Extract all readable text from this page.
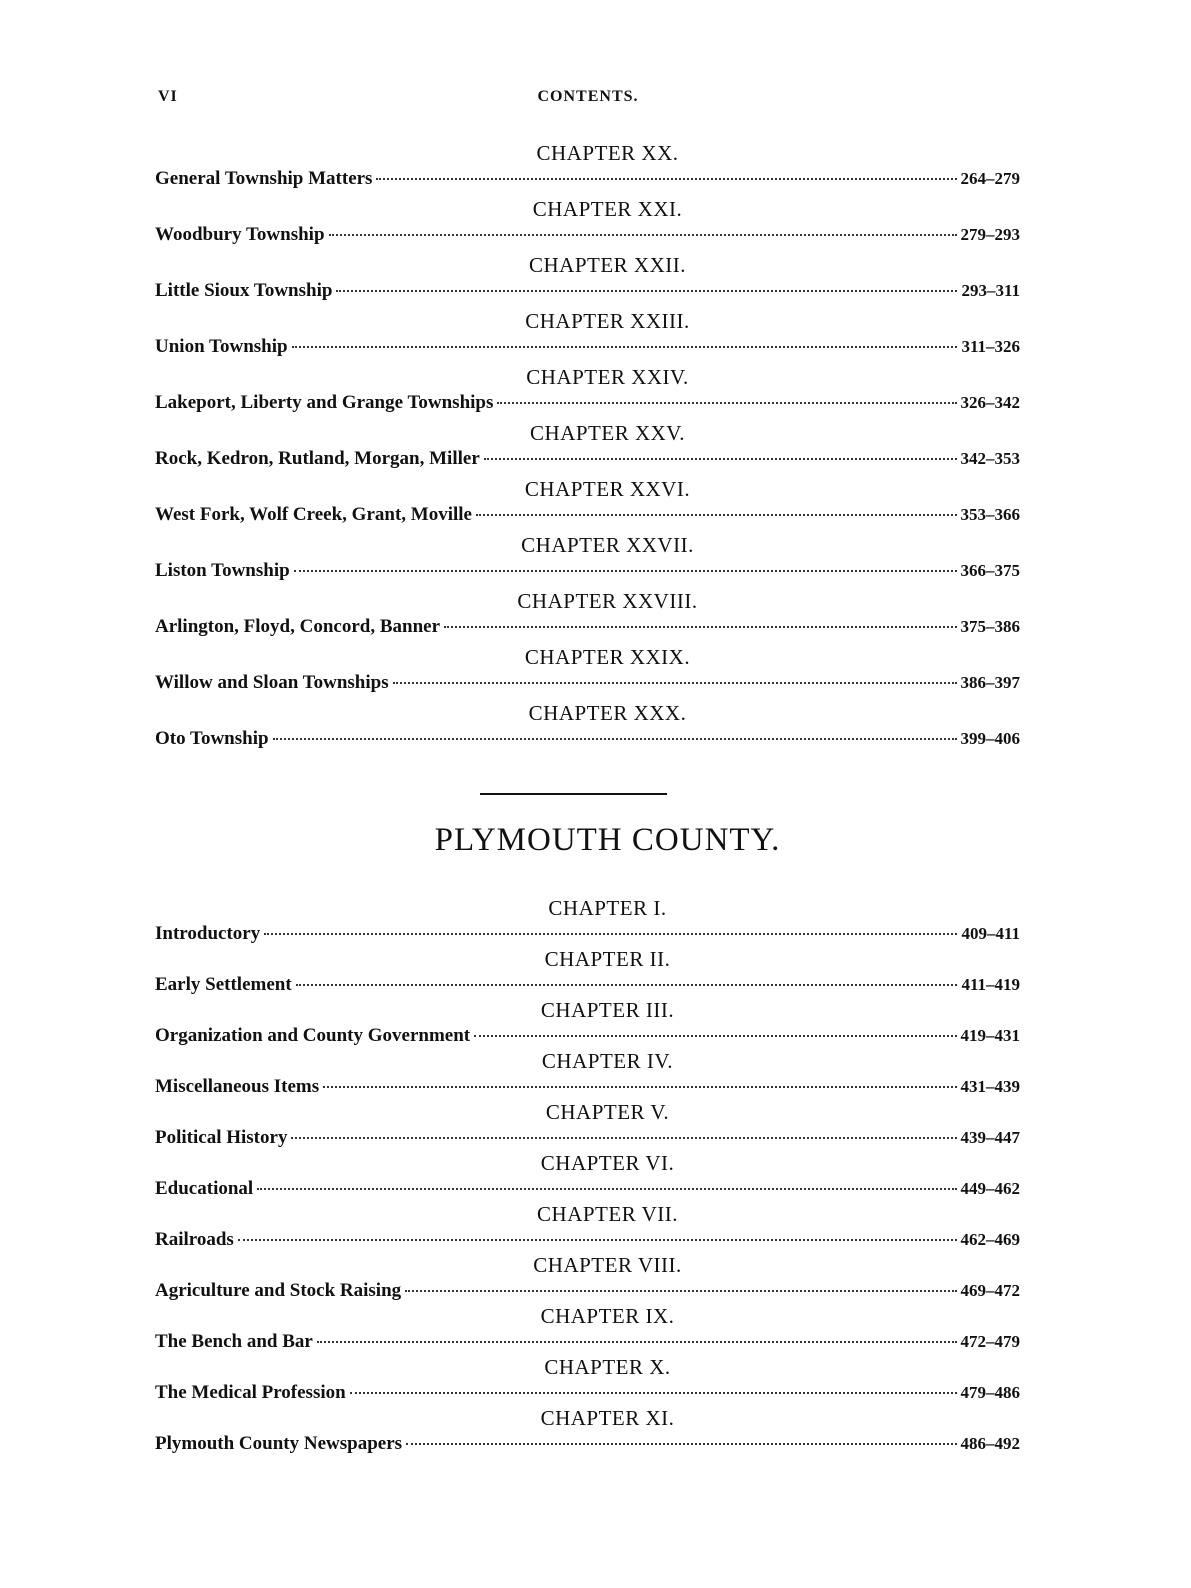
VI	CONTENTS.
CHAPTER XX.
General Township Matters	264–279
CHAPTER XXI.
Woodbury Township	279–293
CHAPTER XXII.
Little Sioux Township	293–311
CHAPTER XXIII.
Union Township	311–326
CHAPTER XXIV.
Lakeport, Liberty and Grange Townships	326–342
CHAPTER XXV.
Rock, Kedron, Rutland, Morgan, Miller	342–353
CHAPTER XXVI.
West Fork, Wolf Creek, Grant, Moville	353–366
CHAPTER XXVII.
Liston Township	366–375
CHAPTER XXVIII.
Arlington, Floyd, Concord, Banner	375–386
CHAPTER XXIX.
Willow and Sloan Townships	386–397
CHAPTER XXX.
Oto Township	399–406
PLYMOUTH COUNTY.
CHAPTER I.
Introductory	409–411
CHAPTER II.
Early Settlement	411–419
CHAPTER III.
Organization and County Government	419–431
CHAPTER IV.
Miscellaneous Items	431–439
CHAPTER V.
Political History	439–447
CHAPTER VI.
Educational	449–462
CHAPTER VII.
Railroads	462–469
CHAPTER VIII.
Agriculture and Stock Raising	469–472
CHAPTER IX.
The Bench and Bar	472–479
CHAPTER X.
The Medical Profession	479–486
CHAPTER XI.
Plymouth County Newspapers	486–492
